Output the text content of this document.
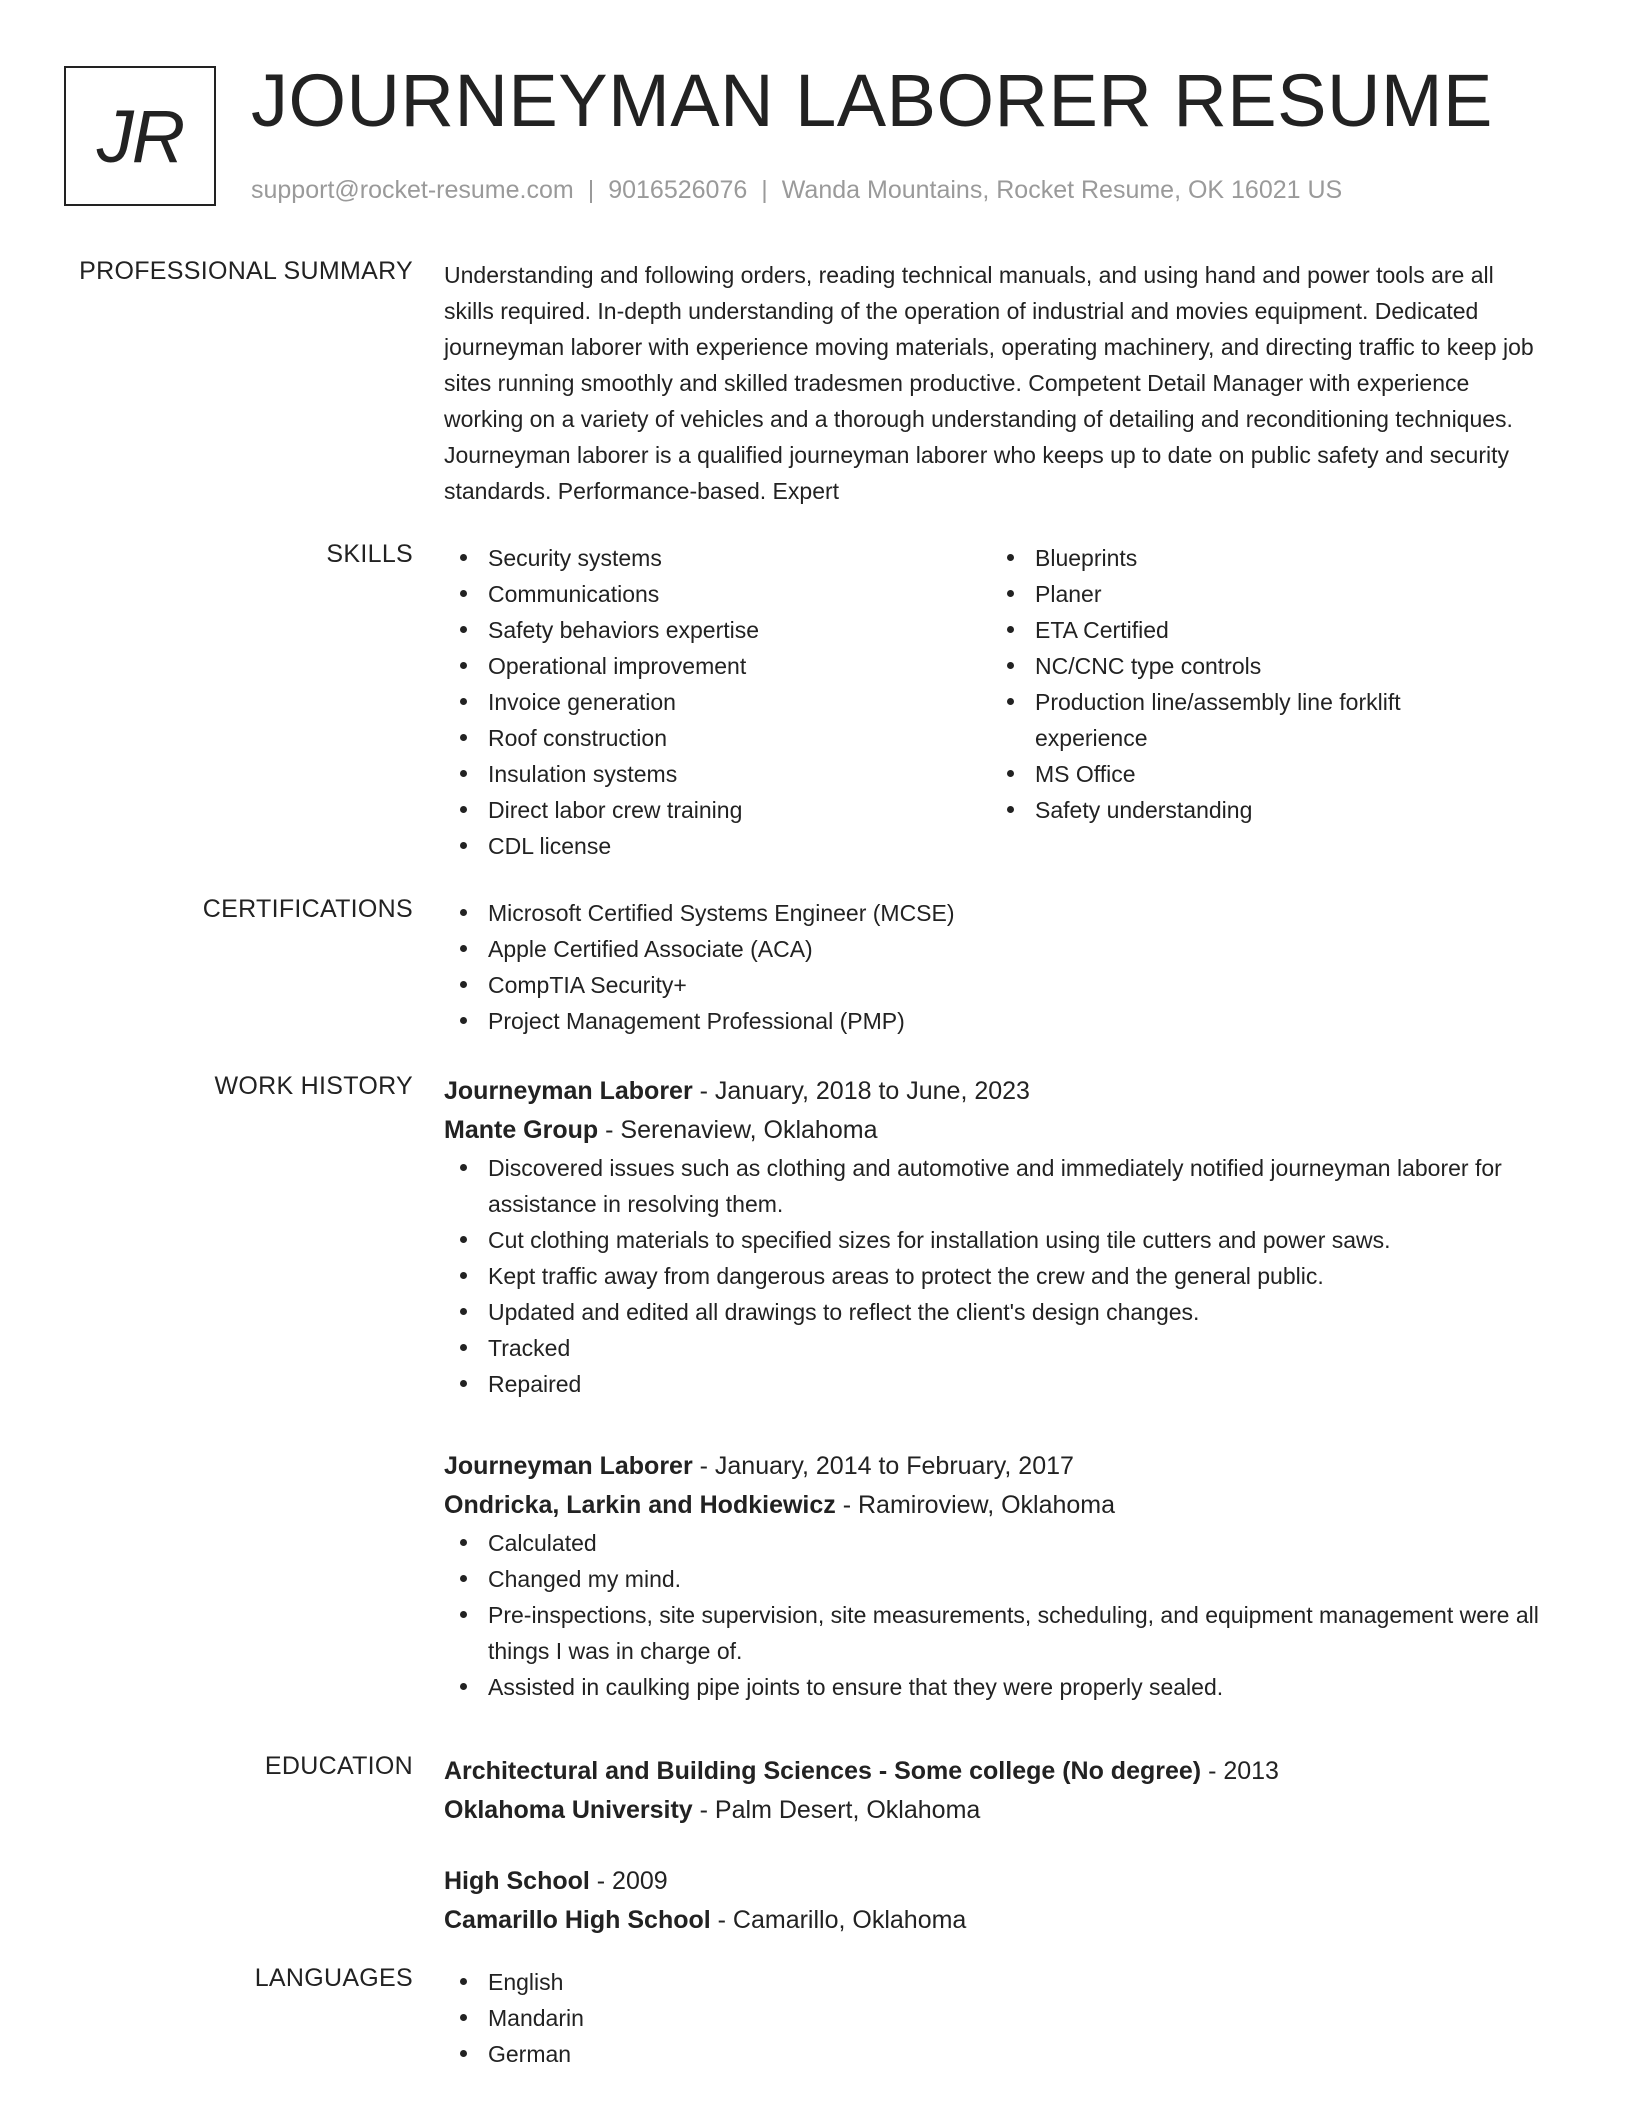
JR JOURNEYMAN LABORER RESUME
support@rocket-resume.com | 9016526076 | Wanda Mountains, Rocket Resume, OK 16021 US
PROFESSIONAL SUMMARY Understanding and following orders, reading technical manuals, and using hand and power tools are all skills required. In-depth understanding of the operation of industrial and movies equipment. Dedicated journeyman laborer with experience moving materials, operating machinery, and directing traffic to keep job sites running smoothly and skilled tradesmen productive. Competent Detail Manager with experience working on a variety of vehicles and a thorough understanding of detailing and reconditioning techniques. Journeyman laborer is a qualified journeyman laborer who keeps up to date on public safety and security standards. Performance-based. Expert

SKILLS	Security systems
Communications
Safety behaviors expertise
Operational improvement
Invoice generation
Roof construction
Insulation systems
Direct labor crew training
CDL license
Blueprints
Planer
ETA Certified
NC/CNC type controls
Production line/assembly line forklift experience
MS Office
Safety understanding
CERTIFICATIONS	Microsoft Certified Systems Engineer (MCSE)
Apple Certified Associate (ACA)
CompTIA Security+
Project Management Professional (PMP)
WORK HISTORY Journeyman Laborer - January, 2018 to June, 2023
Mante Group - Serenaview, Oklahoma
Discovered issues such as clothing and automotive and immediately notified journeyman laborer for assistance in resolving them.
Cut clothing materials to specified sizes for installation using tile cutters and power saws.
Kept traffic away from dangerous areas to protect the crew and the general public.
Updated and edited all drawings to reflect the client's design changes.
Tracked
Repaired
Journeyman Laborer - January, 2014 to February, 2017
Ondricka, Larkin and Hodkiewicz - Ramiroview, Oklahoma
Calculated
Changed my mind.
Pre-inspections, site supervision, site measurements, scheduling, and equipment management were all things I was in charge of.
Assisted in caulking pipe joints to ensure that they were properly sealed.
EDUCATION Architectural and Building Sciences - Some college (No degree) - 2013
Oklahoma University - Palm Desert, Oklahoma
High School - 2009
Camarillo High School - Camarillo, Oklahoma
LANGUAGES	English
Mandarin
German
